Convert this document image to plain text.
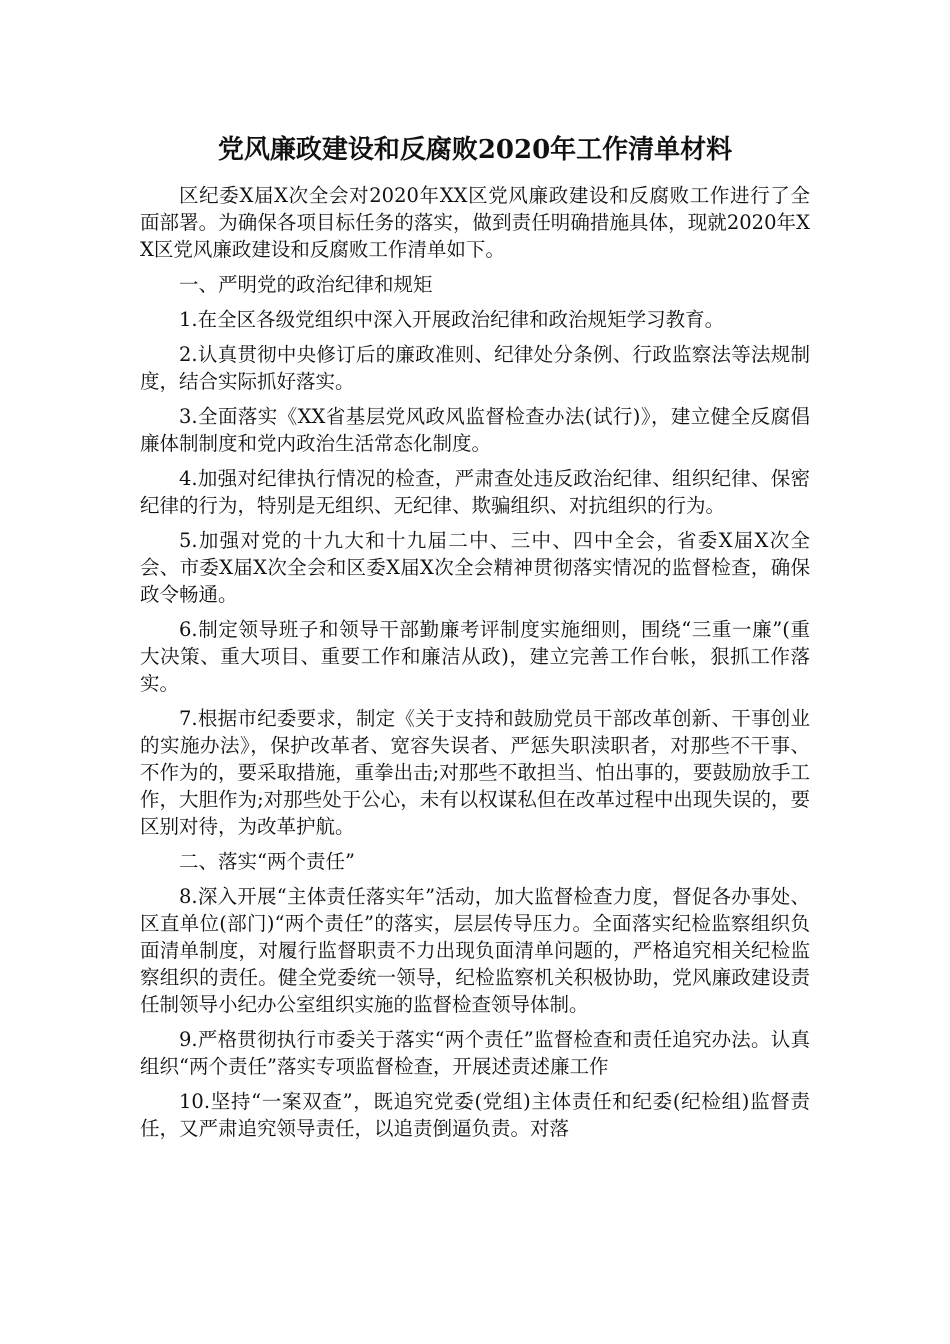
党风廉政建设和反腐败2020年工作清单材料

区纪委X届X次全会对2020年XX区党风廉政建设和反腐败工作进行了全面部署。为确保各项目标任务的落实，做到责任明确措施具体，现就2020年XX区党风廉政建设和反腐败工作清单如下。

一、严明党的政治纪律和规矩

1.在全区各级党组织中深入开展政治纪律和政治规矩学习教育。

2.认真贯彻中央修订后的廉政准则、纪律处分条例、行政监察法等法规制度，结合实际抓好落实。

3.全面落实《XX省基层党风政风监督检查办法(试行)》，建立健全反腐倡廉体制制度和党内政治生活常态化制度。

4.加强对纪律执行情况的检查，严肃查处违反政治纪律、组织纪律、保密纪律的行为，特别是无组织、无纪律、欺骗组织、对抗组织的行为。

5.加强对党的十九大和十九届二中、三中、四中全会，省委X届X次全会、市委X届X次全会和区委X届X次全会精神贯彻落实情况的监督检查，确保政令畅通。

6.制定领导班子和领导干部勤廉考评制度实施细则，围绕“三重一廉”(重大决策、重大项目、重要工作和廉洁从政)，建立完善工作台帐，狠抓工作落实。

7.根据市纪委要求，制定《关于支持和鼓励党员干部改革创新、干事创业的实施办法》，保护改革者、宽容失误者、严惩失职渎职者，对那些不干事、不作为的，要采取措施，重拳出击;对那些不敢担当、怕出事的，要鼓励放手工作，大胆作为;对那些处于公心，未有以权谋私但在改革过程中出现失误的，要区别对待，为改革护航。

二、落实“两个责任”

8.深入开展“主体责任落实年”活动，加大监督检查力度，督促各办事处、区直单位(部门)“两个责任”的落实，层层传导压力。全面落实纪检监察组织负面清单制度，对履行监督职责不力出现负面清单问题的，严格追究相关纪检监察组织的责任。健全党委统一领导，纪检监察机关积极协助，党风廉政建设责任制领导小纪办公室组织实施的监督检查领导体制。

9.严格贯彻执行市委关于落实“两个责任”监督检查和责任追究办法。认真组织“两个责任”落实专项监督检查，开展述责述廉工作

10.坚持“一案双查”，既追究党委(党组)主体责任和纪委(纪检组)监督责任，又严肃追究领导责任，以追责倒逼负责。对落
